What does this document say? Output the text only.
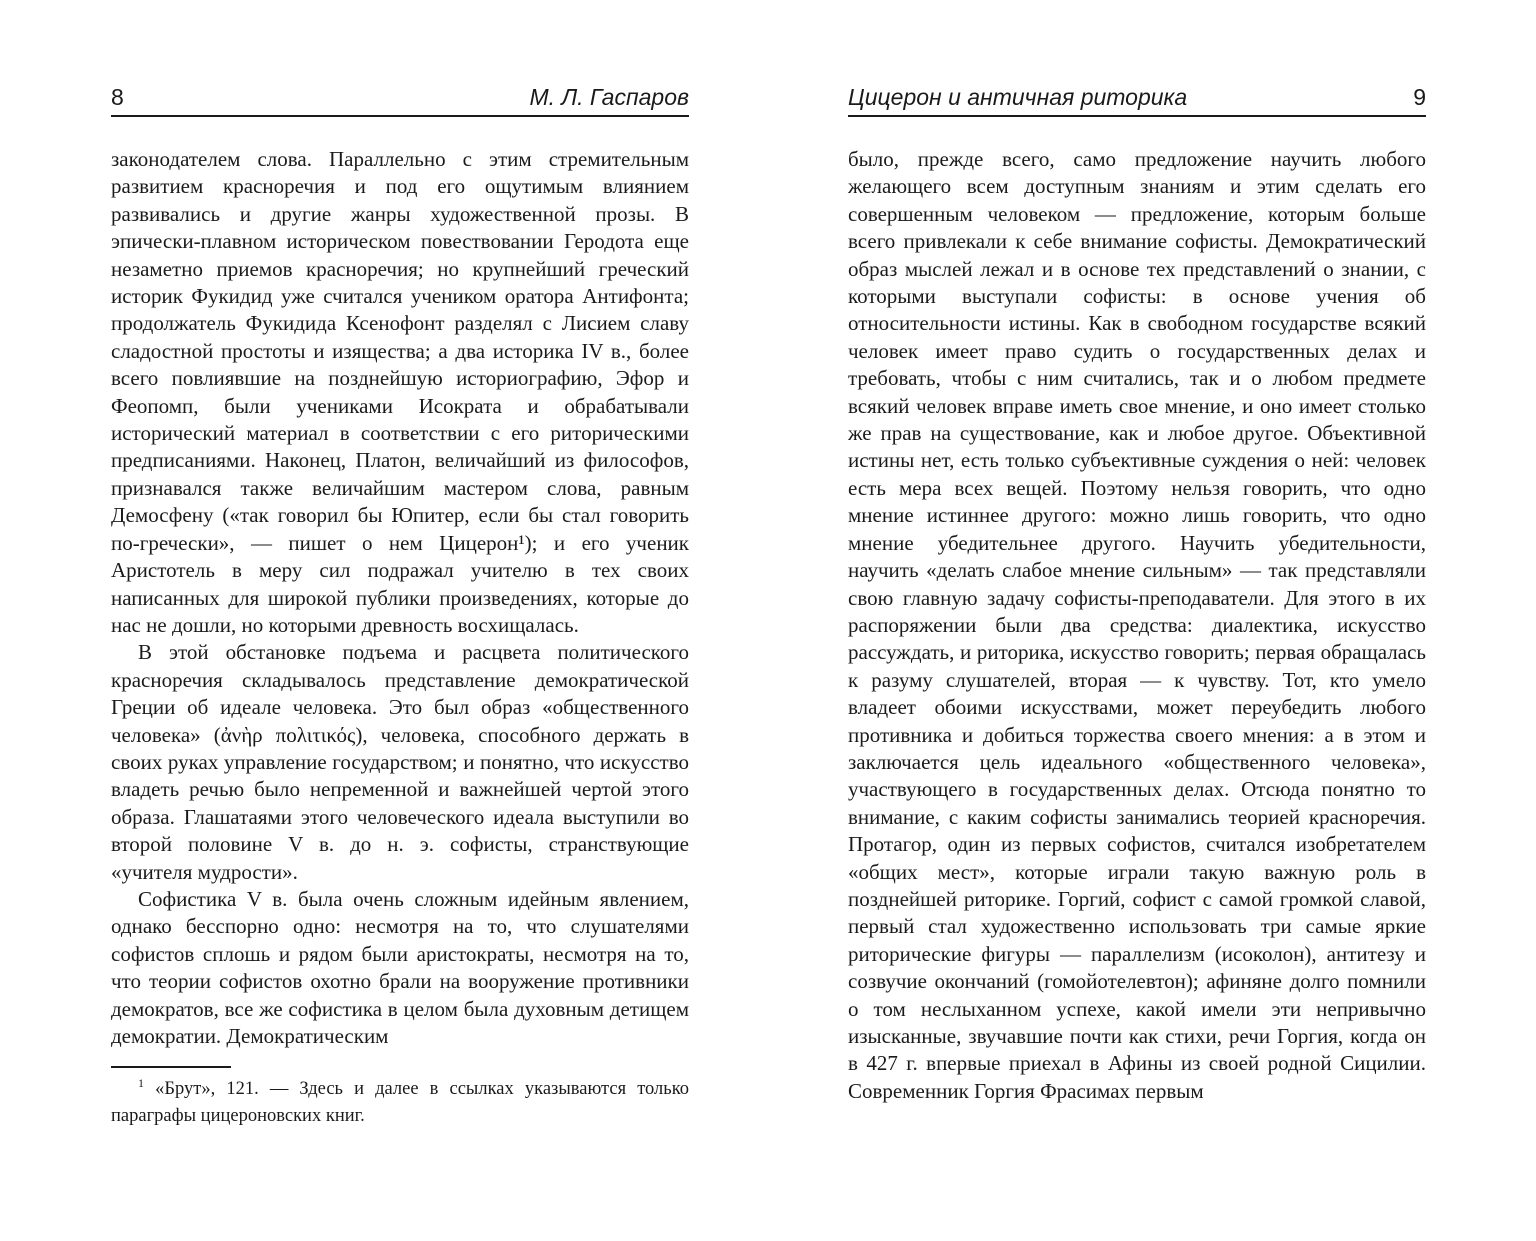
8	М. Л. Гаспаров

законодателем слова. Параллельно с этим стремительным развитием красноречия и под его ощутимым влиянием развивались и другие жанры художественной прозы. В эпически-плавном историческом повествовании Геродота еще незаметно приемов красноречия; но крупнейший греческий историк Фукидид уже считался учеником оратора Антифонта; продолжатель Фукидида Ксенофонт разделял с Лисием славу сладостной простоты и изящества; а два историка IV в., более всего повлиявшие на позднейшую историографию, Эфор и Феопомп, были учениками Исократа и обрабатывали исторический материал в соответствии с его риторическими предписаниями. Наконец, Платон, величайший из философов, признавался также величайшим мастером слова, равным Демосфену («так говорил бы Юпитер, если бы стал говорить по-гречески», — пишет о нем Цицерон¹); и его ученик Аристотель в меру сил подражал учителю в тех своих написанных для широкой публики произведениях, которые до нас не дошли, но которыми древность восхищалась.

В этой обстановке подъема и расцвета политического красноречия складывалось представление демократической Греции об идеале человека. Это был образ «общественного человека» (ἀνὴρ πολιτικός), человека, способного держать в своих руках управление государством; и понятно, что искусство владеть речью было непременной и важнейшей чертой этого образа. Глашатаями этого человеческого идеала выступили во второй половине V в. до н. э. софисты, странствующие «учителя мудрости».

Софистика V в. была очень сложным идейным явлением, однако бесспорно одно: несмотря на то, что слушателями софистов сплошь и рядом были аристократы, несмотря на то, что теории софистов охотно брали на вооружение противники демократов, все же софистика в целом была духовным детищем демократии. Демократическим

$^1$ «Брут», 121. — Здесь и далее в ссылках указываются только параграфы цицероновских книг.

Цицерон и античная риторика	9

было, прежде всего, само предложение научить любого желающего всем доступным знаниям и этим сделать его совершенным человеком — предложение, которым больше всего привлекали к себе внимание софисты. Демократический образ мыслей лежал и в основе тех представлений о знании, с которыми выступали софисты: в основе учения об относительности истины. Как в свободном государстве всякий человек имеет право судить о государственных делах и требовать, чтобы с ним считались, так и о любом предмете всякий человек вправе иметь свое мнение, и оно имеет столько же прав на существование, как и любое другое. Объективной истины нет, есть только субъективные суждения о ней: человек есть мера всех вещей. Поэтому нельзя говорить, что одно мнение истиннее другого: можно лишь говорить, что одно мнение убедительнее другого. Научить убедительности, научить «делать слабое мнение сильным» — так представляли свою главную задачу софисты-преподаватели. Для этого в их распоряжении были два средства: диалектика, искусство рассуждать, и риторика, искусство говорить; первая обращалась к разуму слушателей, вторая — к чувству. Тот, кто умело владеет обоими искусствами, может переубедить любого противника и добиться торжества своего мнения: а в этом и заключается цель идеального «общественного человека», участвующего в государственных делах. Отсюда понятно то внимание, с каким софисты занимались теорией красноречия. Протагор, один из первых софистов, считался изобретателем «общих мест», которые играли такую важную роль в позднейшей риторике. Горгий, софист с самой громкой славой, первый стал художественно использовать три самые яркие риторические фигуры — параллелизм (исоколон), антитезу и созвучие окончаний (гомойотелевтон); афиняне долго помнили о том неслыханном успехе, какой имели эти непривычно изысканные, звучавшие почти как стихи, речи Горгия, когда он в 427 г. впервые приехал в Афины из своей родной Сицилии. Современник Горгия Фрасимах первым
